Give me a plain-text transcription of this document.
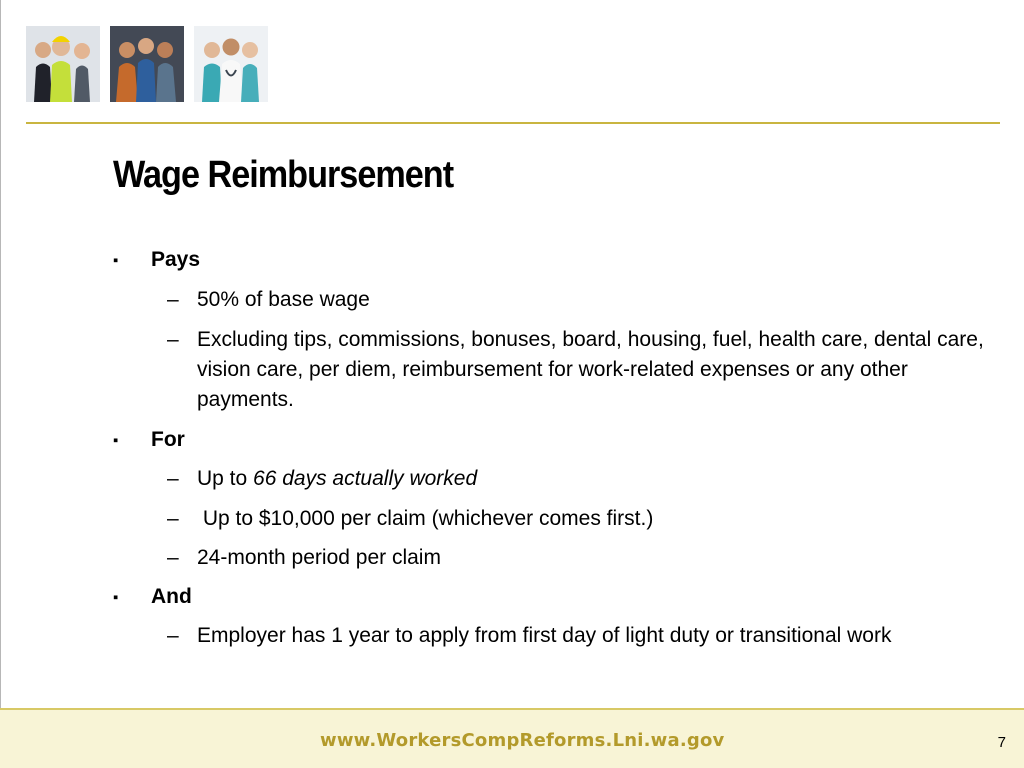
Wage Reimbursement
▪	Pays
– 50% of base wage
– Excluding tips, commissions, bonuses, board, housing, fuel, health care, dental care, vision care, per diem, reimbursement for work-related expenses or any other payments.
▪	For
– Up to 66 days actually worked
– Up to $10,000 per claim (whichever comes first.)
– 24-month period per claim
▪	And
– Employer has 1 year to apply from first day of light duty or transitional work
www.WorkersCompReforms.Lni.wa.gov	7
